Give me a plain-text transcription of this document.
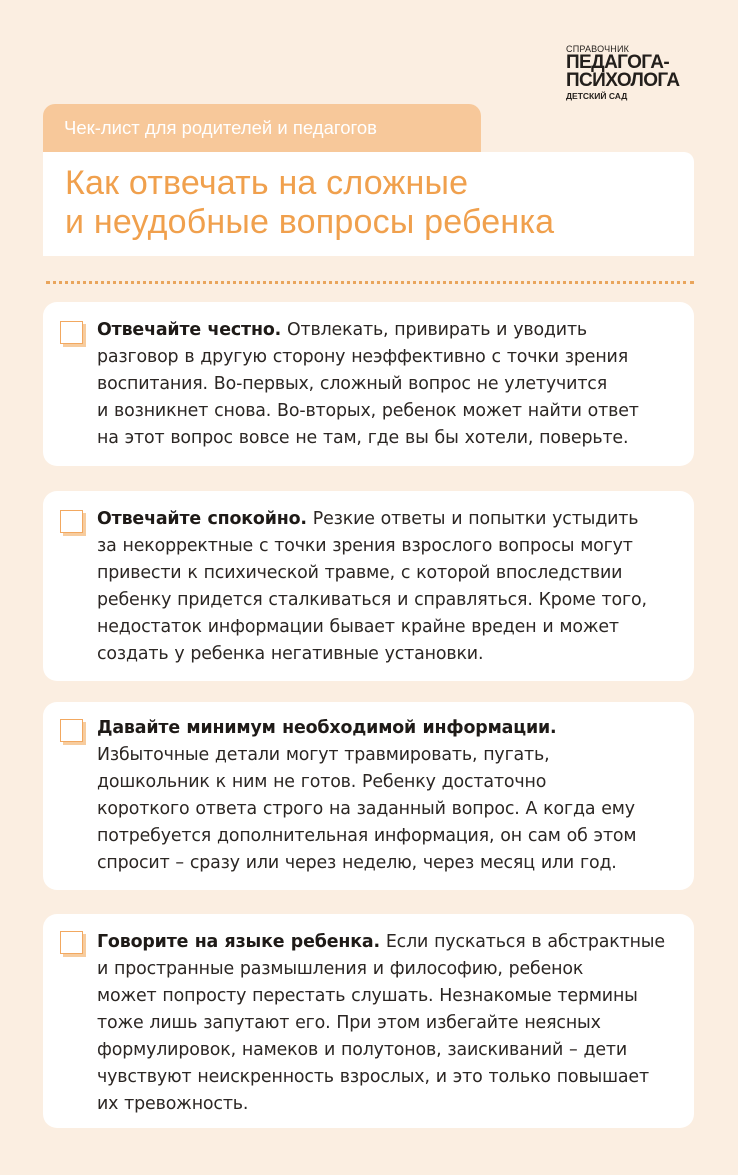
СПРАВОЧНИК
ПЕДАГОГА-
ПСИХОЛОГА
ДЕТСКИЙ САД
Чек-лист для родителей и педагогов
Как отвечать на сложные
и неудобные вопросы ребенка

Отвечайте честно. Отвлекать, привирать и уводить
разговор в другую сторону неэффективно с точки зрения
воспитания. Во-первых, сложный вопрос не улетучится
и возникнет снова. Во-вторых, ребенок может найти ответ
на этот вопрос вовсе не там, где вы бы хотели, поверьте.

Отвечайте спокойно. Резкие ответы и попытки устыдить
за некорректные с точки зрения взрослого вопросы могут
привести к психической травме, с которой впоследствии
ребенку придется сталкиваться и справляться. Кроме того,
недостаток информации бывает крайне вреден и может
создать у ребенка негативные установки.

Давайте минимум необходимой информации.
Избыточные детали могут травмировать, пугать,
дошкольник к ним не готов. Ребенку достаточно
короткого ответа строго на заданный вопрос. А когда ему
потребуется дополнительная информация, он сам об этом
спросит – сразу или через неделю, через месяц или год.

Говорите на языке ребенка. Если пускаться в абстрактные
и пространные размышления и философию, ребенок
может попросту перестать слушать. Незнакомые термины
тоже лишь запутают его. При этом избегайте неясных
формулировок, намеков и полутонов, заискиваний – дети
чувствуют неискренность взрослых, и это только повышает
их тревожность.
